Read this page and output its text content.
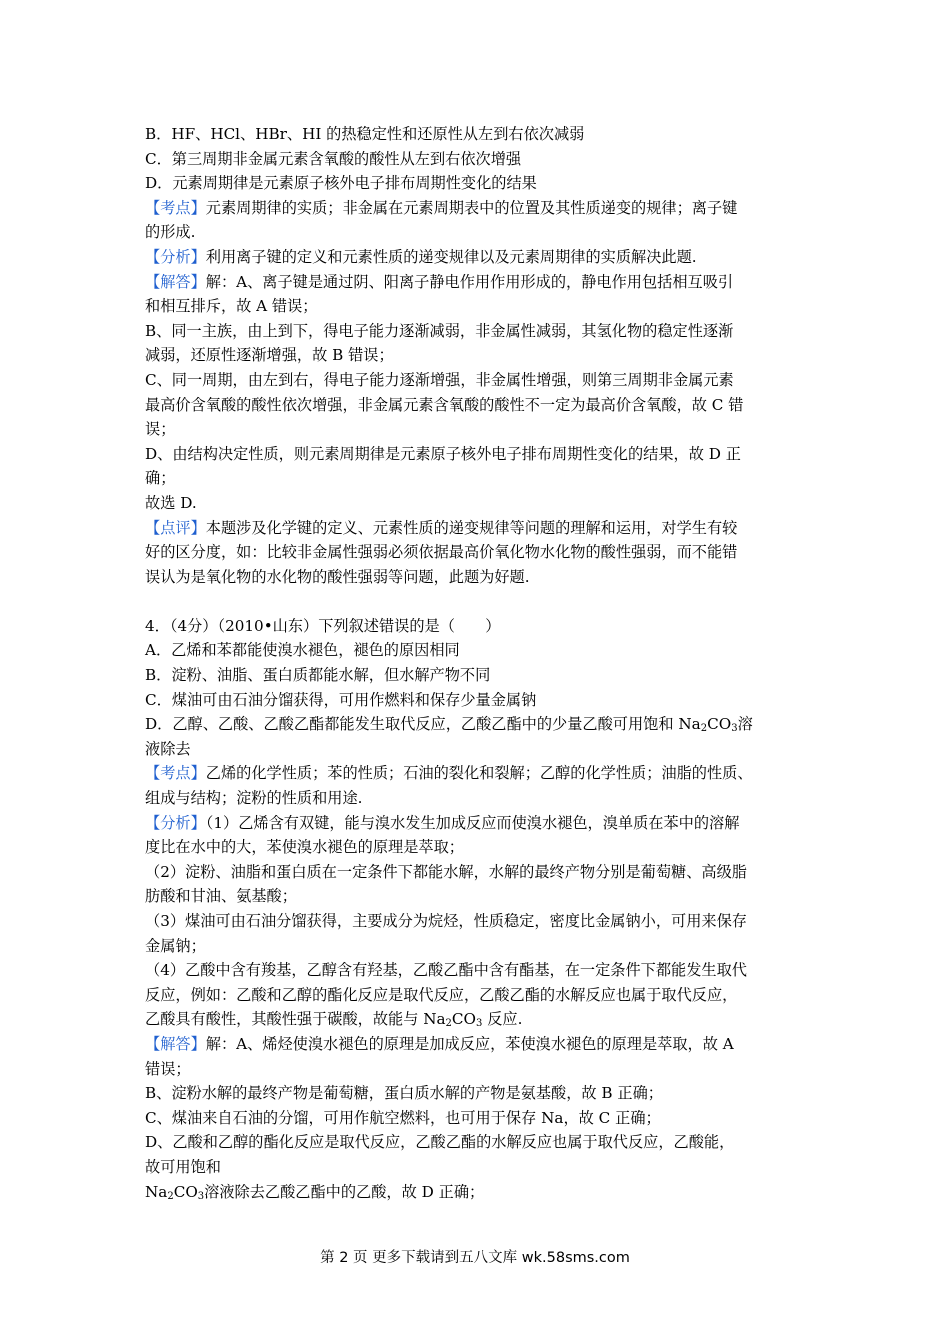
B．HF、HCl、HBr、HI 的热稳定性和还原性从左到右依次减弱
C．第三周期非金属元素含氧酸的酸性从左到右依次增强
D．元素周期律是元素原子核外电子排布周期性变化的结果
【考点】元素周期律的实质；非金属在元素周期表中的位置及其性质递变的规律；离子键
的形成.
【分析】利用离子键的定义和元素性质的递变规律以及元素周期律的实质解决此题.
【解答】解：A、离子键是通过阴、阳离子静电作用作用形成的，静电作用包括相互吸引
和相互排斥，故 A 错误；
B、同一主族，由上到下，得电子能力逐渐减弱，非金属性减弱，其氢化物的稳定性逐渐
减弱，还原性逐渐增强，故 B 错误；
C、同一周期，由左到右，得电子能力逐渐增强，非金属性增强，则第三周期非金属元素
最高价含氧酸的酸性依次增强，非金属元素含氧酸的酸性不一定为最高价含氧酸，故 C 错
误；
D、由结构决定性质，则元素周期律是元素原子核外电子排布周期性变化的结果，故 D 正
确；
故选 D.
【点评】本题涉及化学键的定义、元素性质的递变规律等问题的理解和运用，对学生有较
好的区分度，如：比较非金属性强弱必须依据最高价氧化物水化物的酸性强弱，而不能错
误认为是氧化物的水化物的酸性强弱等问题，此题为好题.
4．（4分）（2010•山东）下列叙述错误的是（　　）
A．乙烯和苯都能使溴水褪色，褪色的原因相同
B．淀粉、油脂、蛋白质都能水解，但水解产物不同
C．煤油可由石油分馏获得，可用作燃料和保存少量金属钠
D．乙醇、乙酸、乙酸乙酯都能发生取代反应，乙酸乙酯中的少量乙酸可用饱和 $Na_2CO_3$溶
液除去
【考点】乙烯的化学性质；苯的性质；石油的裂化和裂解；乙醇的化学性质；油脂的性质、
组成与结构；淀粉的性质和用途.
【分析】（1）乙烯含有双键，能与溴水发生加成反应而使溴水褪色，溴单质在苯中的溶解
度比在水中的大，苯使溴水褪色的原理是萃取；
（2）淀粉、油脂和蛋白质在一定条件下都能水解，水解的最终产物分别是葡萄糖、高级脂
肪酸和甘油、氨基酸；
（3）煤油可由石油分馏获得，主要成分为烷烃，性质稳定，密度比金属钠小，可用来保存
金属钠；
（4）乙酸中含有羧基，乙醇含有羟基，乙酸乙酯中含有酯基，在一定条件下都能发生取代
反应，例如：乙酸和乙醇的酯化反应是取代反应，乙酸乙酯的水解反应也属于取代反应，
乙酸具有酸性，其酸性强于碳酸，故能与 $Na_2CO_3$ 反应.
【解答】解：A、烯烃使溴水褪色的原理是加成反应，苯使溴水褪色的原理是萃取，故 A
错误；
B、淀粉水解的最终产物是葡萄糖，蛋白质水解的产物是氨基酸，故 B 正确；
C、煤油来自石油的分馏，可用作航空燃料，也可用于保存 Na，故 C 正确；
D、乙酸和乙醇的酯化反应是取代反应，乙酸乙酯的水解反应也属于取代反应，乙酸能，
故可用饱和
$Na_2CO_3$溶液除去乙酸乙酯中的乙酸，故 D 正确；
第 2 页 更多下载请到五八文库 wk.58sms.com
